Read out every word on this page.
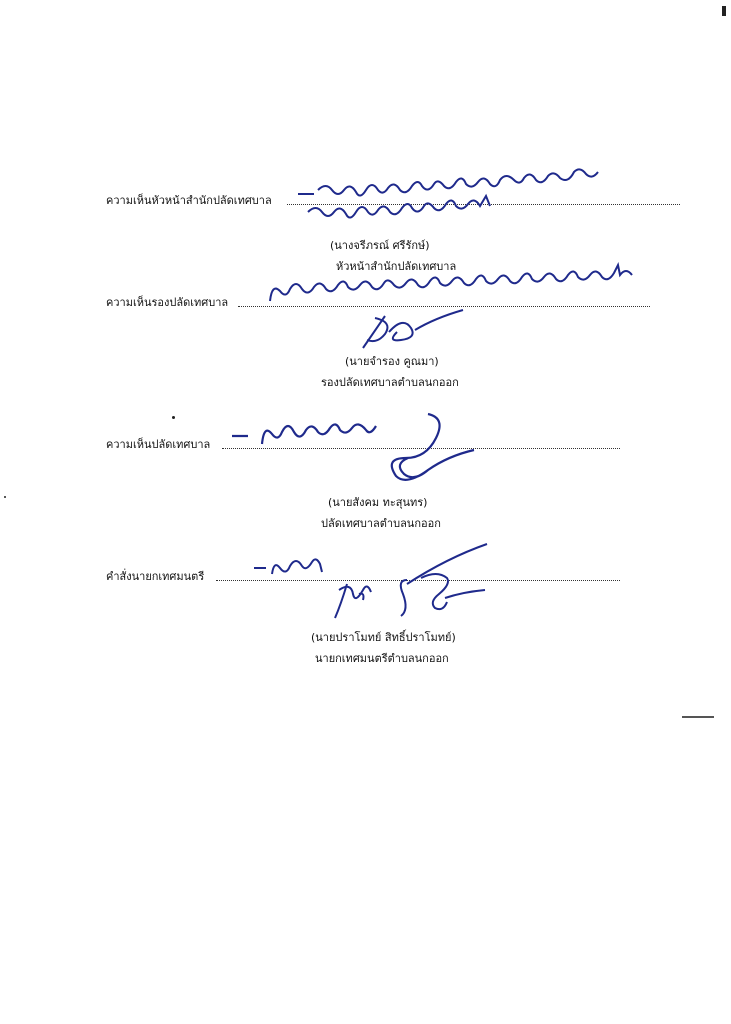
ความเห็นหัวหน้าสำนักปลัดเทศบาล
(นางจรีภรณ์ ศรีรักษ์)
หัวหน้าสำนักปลัดเทศบาล
ความเห็นรองปลัดเทศบาล
(นายจำรอง คูณมา)
รองปลัดเทศบาลตำบลนกออก
ความเห็นปลัดเทศบาล
(นายสังคม ทะสุนทร)
ปลัดเทศบาลตำบลนกออก
คำสั่งนายกเทศมนตรี
(นายปราโมทย์ สิทธิ์ปราโมทย์)
นายกเทศมนตรีตำบลนกออก
